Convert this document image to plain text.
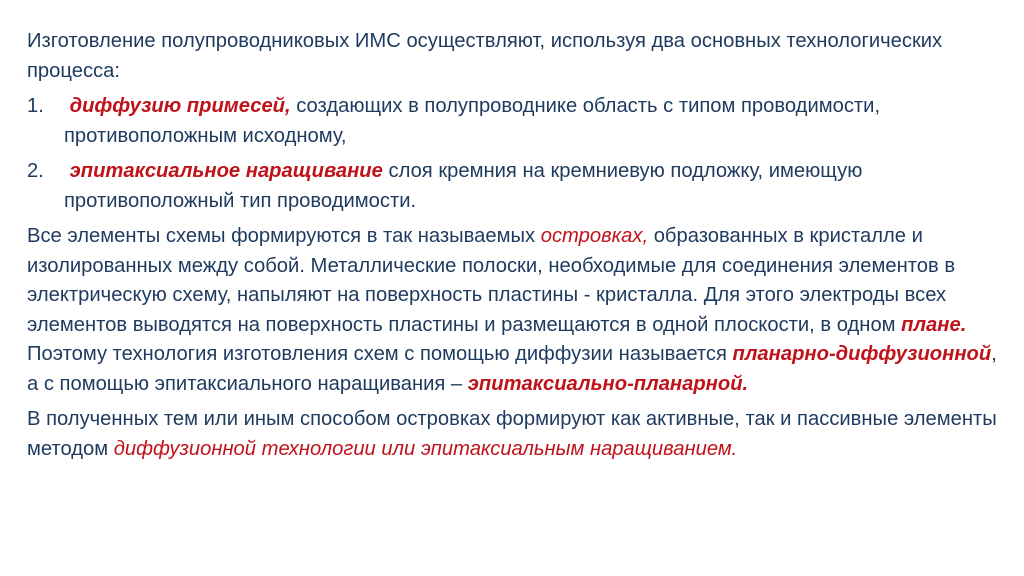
Изготовление полупроводниковых ИМС осуществляют, используя два основных технологических процесса:

1. диффузию примесей, создающих в полупроводнике область с типом проводимости, противоположным исходному,
2. эпитаксиальное наращивание слоя кремния на кремниевую подложку, имеющую противоположный тип проводимости.

Все элементы схемы формируются в так называемых островках, образованных в кристалле и изолированных между собой. Металлические полоски, необходимые для соединения элементов в электрическую схему, напыляют на поверхность пластины - кристалла. Для этого электроды всех элементов выводятся на поверхность пластины и размещаются в одной плоскости, в одном плане. Поэтому технология изготовления схем с помощью диффузии называется планарно-диффузионной, а с помощью эпитаксиального наращивания – эпитаксиально-планарной.

В полученных тем или иным способом островках формируют как активные, так и пассивные элементы методом диффузионной технологии или эпитаксиальным наращиванием.
